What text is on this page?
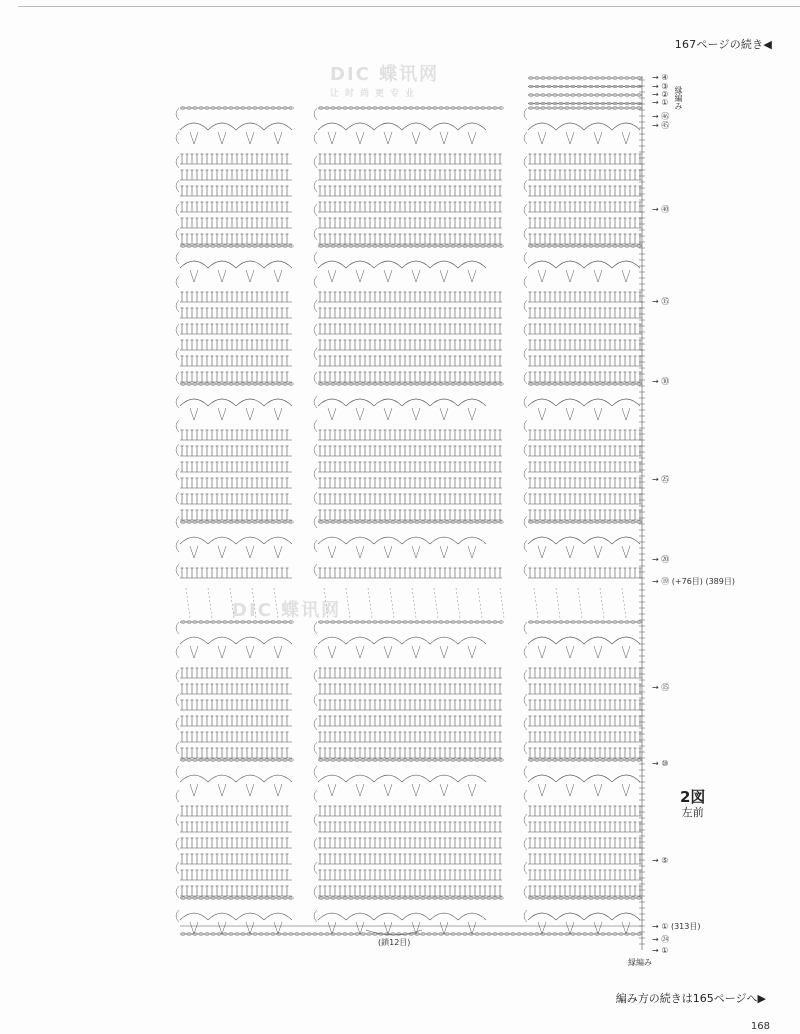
167ページの続き◀
→ ④
→ ③
→ ②
→ ①
→ ㊻
→ ㊺
→ ㊵
→ ㉟
→ ㉚
→ ㉕
→ ⑳
→ ⑲ (+76目) (389目)
→ ⑮
→ ⑩
→ ⑤
→ ① (313目)
→ ㉔
→ ①
縁編み
縁編み
(鎖12目)
2図
左前
DIC 蝶讯网
让时尚更专业
DIC 蝶讯网
編み方の続きは165ページへ▶
168
